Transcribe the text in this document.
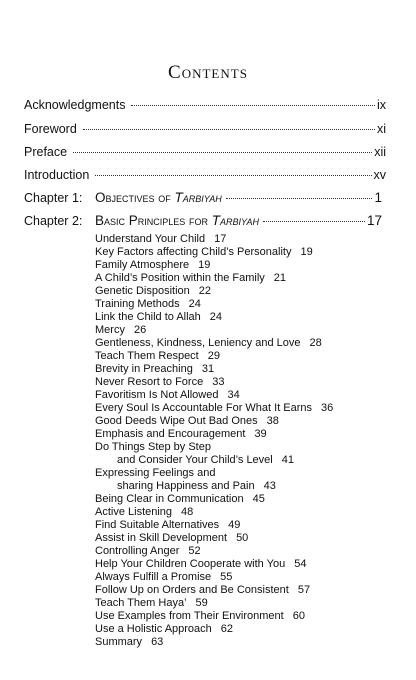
Contents
Acknowledgments	ix
Foreword	xi
Preface	xii
Introduction	xv
Chapter 1: Objectives of Tarbiyah	1
Chapter 2: Basic Principles for Tarbiyah	17
Understand Your Child 17
Key Factors affecting Child’s Personality 19
Family Atmosphere 19
A Child’s Position within the Family 21
Genetic Disposition 22
Training Methods 24
Link the Child to Allah 24
Mercy 26
Gentleness, Kindness, Leniency and Love 28
Teach Them Respect 29
Brevity in Preaching 31
Never Resort to Force 33
Favoritism Is Not Allowed 34
Every Soul Is Accountable For What It Earns 36
Good Deeds Wipe Out Bad Ones 38
Emphasis and Encouragement 39
Do Things Step by Step
and Consider Your Child’s Level 41
Expressing Feelings and
sharing Happiness and Pain 43
Being Clear in Communication 45
Active Listening 48
Find Suitable Alternatives 49
Assist in Skill Development 50
Controlling Anger 52
Help Your Children Cooperate with You 54
Always Fulfill a Promise 55
Follow Up on Orders and Be Consistent 57
Teach Them Haya’ 59
Use Examples from Their Environment 60
Use a Holistic Approach 62
Summary 63
